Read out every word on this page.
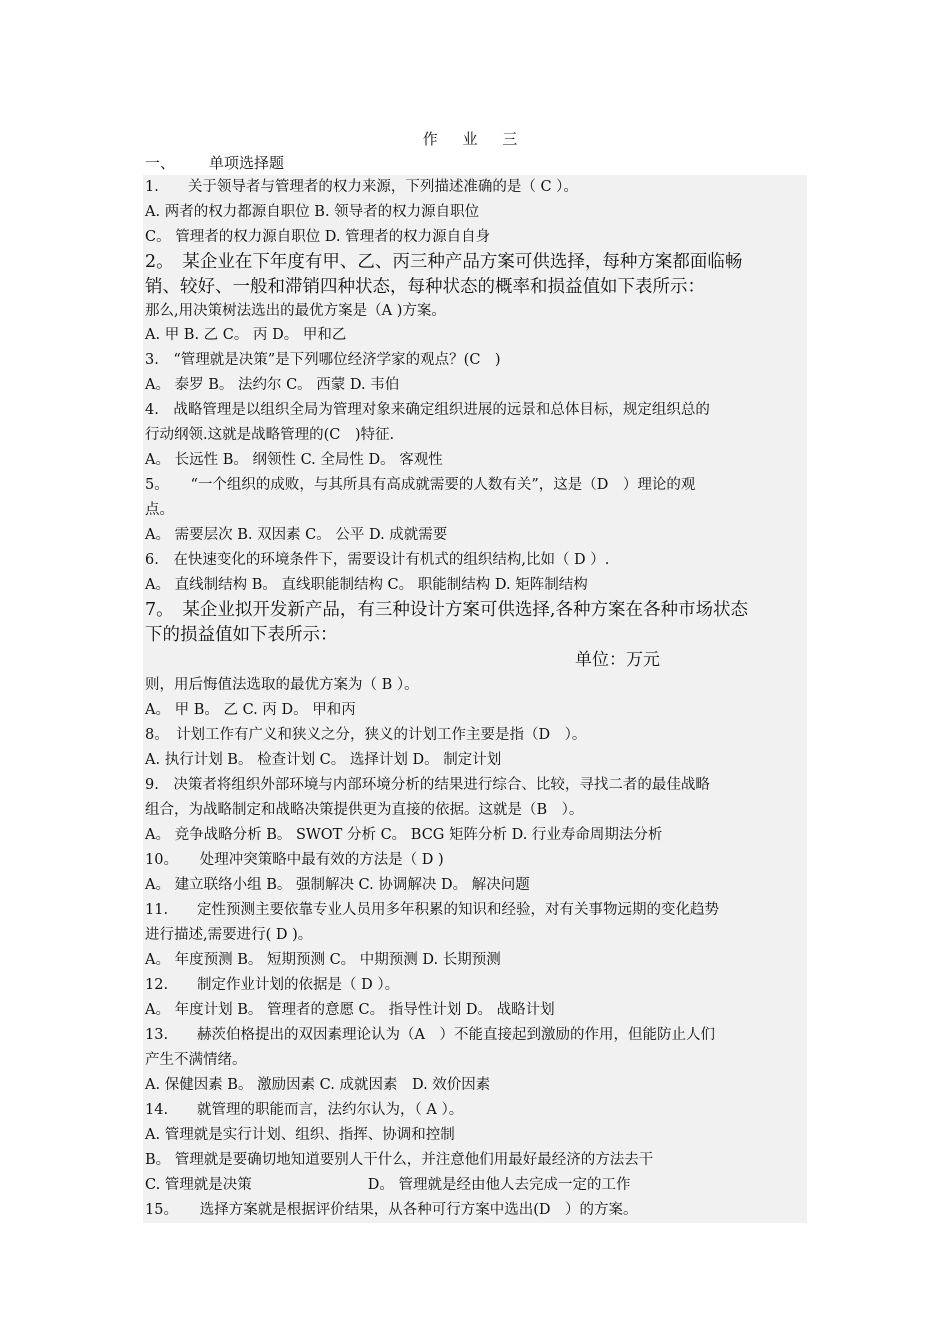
作 业 三
一、 单项选择题
1.　　关于领导者与管理者的权力来源，下列描述准确的是（ C ）。
A. 两者的权力都源自职位 B. 领导者的权力源自职位
C。 管理者的权力源自职位 D. 管理者的权力源自自身
2。　某企业在下年度有甲、乙、丙三种产品方案可供选择，每种方案都面临畅
销、较好、一般和滞销四种状态，每种状态的概率和损益值如下表所示：
那么,用决策树法选出的最优方案是（A )方案。
A. 甲 B. 乙 C。 丙 D。 甲和乙
3.　“管理就是决策”是下列哪位经济学家的观点？(C　)
A。 泰罗 B。 法约尔 C。 西蒙 D. 韦伯
4.　战略管理是以组织全局为管理对象来确定组织进展的远景和总体目标，规定组织总的
行动纲领.这就是战略管理的(C　)特征.
A。 长远性 B。 纲领性 C. 全局性 D。 客观性
5。　　“一个组织的成败，与其所具有高成就需要的人数有关”，这是（D　）理论的观
点。
A。 需要层次 B. 双因素 C。 公平 D. 成就需要
6.　在快速变化的环境条件下，需要设计有机式的组织结构,比如（ D ）.
A。 直线制结构 B。 直线职能制结构 C。 职能制结构 D. 矩阵制结构
7。　某企业拟开发新产品，有三种设计方案可供选择,各种方案在各种市场状态
下的损益值如下表所示：
单位：万元
则，用后悔值法选取的最优方案为（ B ）。
A。 甲 B。 乙 C. 丙 D。 甲和丙
8。　计划工作有广义和狭义之分，狭义的计划工作主要是指（D　）。
A. 执行计划 B。 检查计划 C。 选择计划 D。 制定计划
9.　决策者将组织外部环境与内部环境分析的结果进行综合、比较，寻找二者的最佳战略
组合，为战略制定和战略决策提供更为直接的依据。这就是（B　）。
A。 竞争战略分析 B。 SWOT 分析 C。 BCG 矩阵分析 D. 行业寿命周期法分析
10。　　处理冲突策略中最有效的方法是（ D )
A。 建立联络小组 B。 强制解决 C. 协调解决 D。 解决问题
11.　　定性预测主要依靠专业人员用多年积累的知识和经验，对有关事物远期的变化趋势
进行描述,需要进行( D )。
A。 年度预测 B。 短期预测 C。 中期预测 D. 长期预测
12.　　制定作业计划的依据是（ D ）。
A。 年度计划 B。 管理者的意愿 C。 指导性计划 D。 战略计划
13.　　赫茨伯格提出的双因素理论认为（A　）不能直接起到激励的作用，但能防止人们
产生不满情绪。
A. 保健因素 B。 激励因素 C. 成就因素　D. 效价因素
14.　　就管理的职能而言，法约尔认为，（ A ）。
A. 管理就是实行计划、组织、指挥、协调和控制
B。 管理就是要确切地知道要别人干什么，并注意他们用最好最经济的方法去干
C. 管理就是决策　　　　　　　　D。 管理就是经由他人去完成一定的工作
15。　　选择方案就是根据评价结果，从各种可行方案中选出(D　）的方案。
